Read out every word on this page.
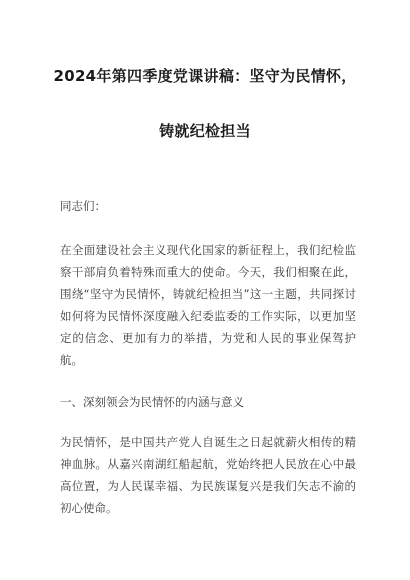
2024年第四季度党课讲稿：坚守为民情怀，
铸就纪检担当

同志们：

在全面建设社会主义现代化国家的新征程上，我们纪检监察干部肩负着特殊而重大的使命。今天，我们相聚在此，围绕“坚守为民情怀，铸就纪检担当”这一主题，共同探讨如何将为民情怀深度融入纪委监委的工作实际，以更加坚定的信念、更加有力的举措，为党和人民的事业保驾护航。

一、深刻领会为民情怀的内涵与意义

为民情怀，是中国共产党人自诞生之日起就薪火相传的精神血脉。从嘉兴南湖红船起航，党始终把人民放在心中最高位置，为人民谋幸福、为民族谋复兴是我们矢志不渝的初心使命。
